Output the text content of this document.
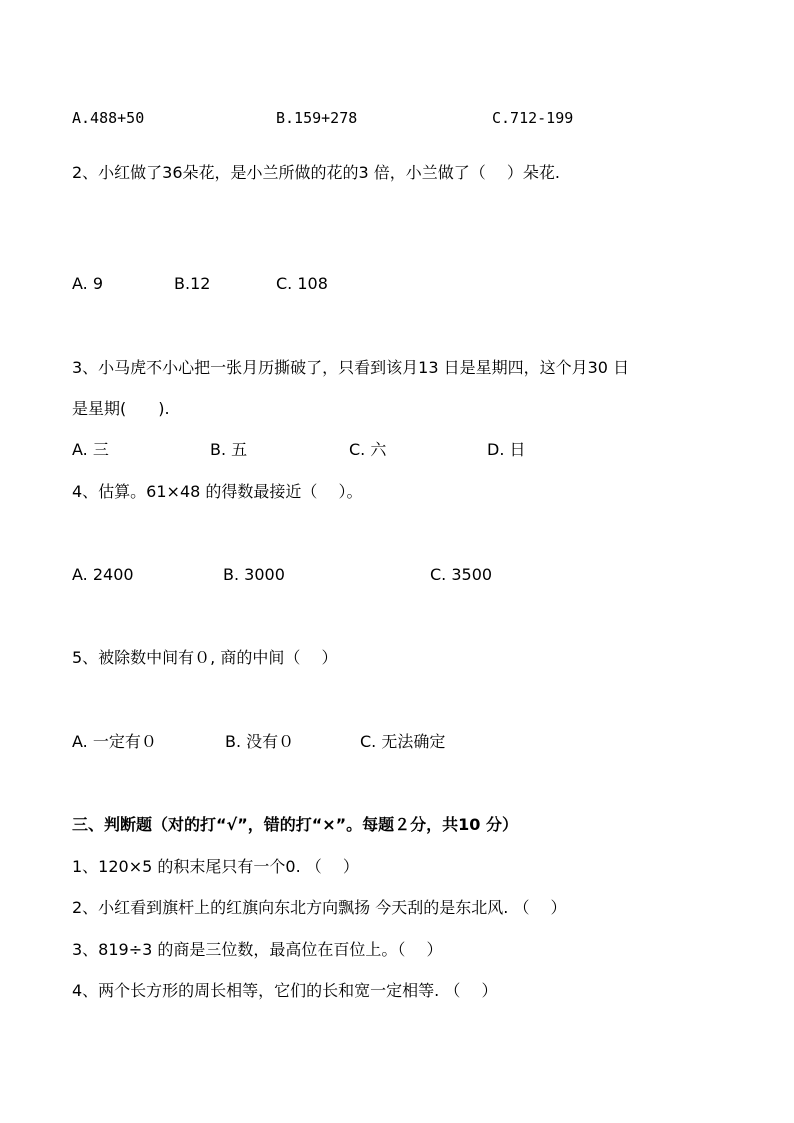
A.488+50	B.159+278	C.712-199
2、小红做了36朵花，是小兰所做的花的3 倍，小兰做了（　 ）朵花.
A. 9	B.12	C. 108
3、小马虎不小心把一张月历撕破了，只看到该月13 日是星期四，这个月30 日
是星期(　　).
A. 三	B. 五	C. 六	D. 日
4、估算。61×48 的得数最接近（　 ）。
A. 2400	B. 3000	C. 3500
5、被除数中间有０, 商的中间（　 ）
A. 一定有０	B. 没有０	C. 无法确定
三、判断题（对的打“√”，错的打“×”。每题２分，共10 分）
1、120×5 的积末尾只有一个0. （　 ）
2、小红看到旗杆上的红旗向东北方向飘扬 今天刮的是东北风. （　 ）
3、819÷3 的商是三位数，最高位在百位上。（　 ）
4、两个长方形的周长相等，它们的长和宽一定相等. （　 ）
